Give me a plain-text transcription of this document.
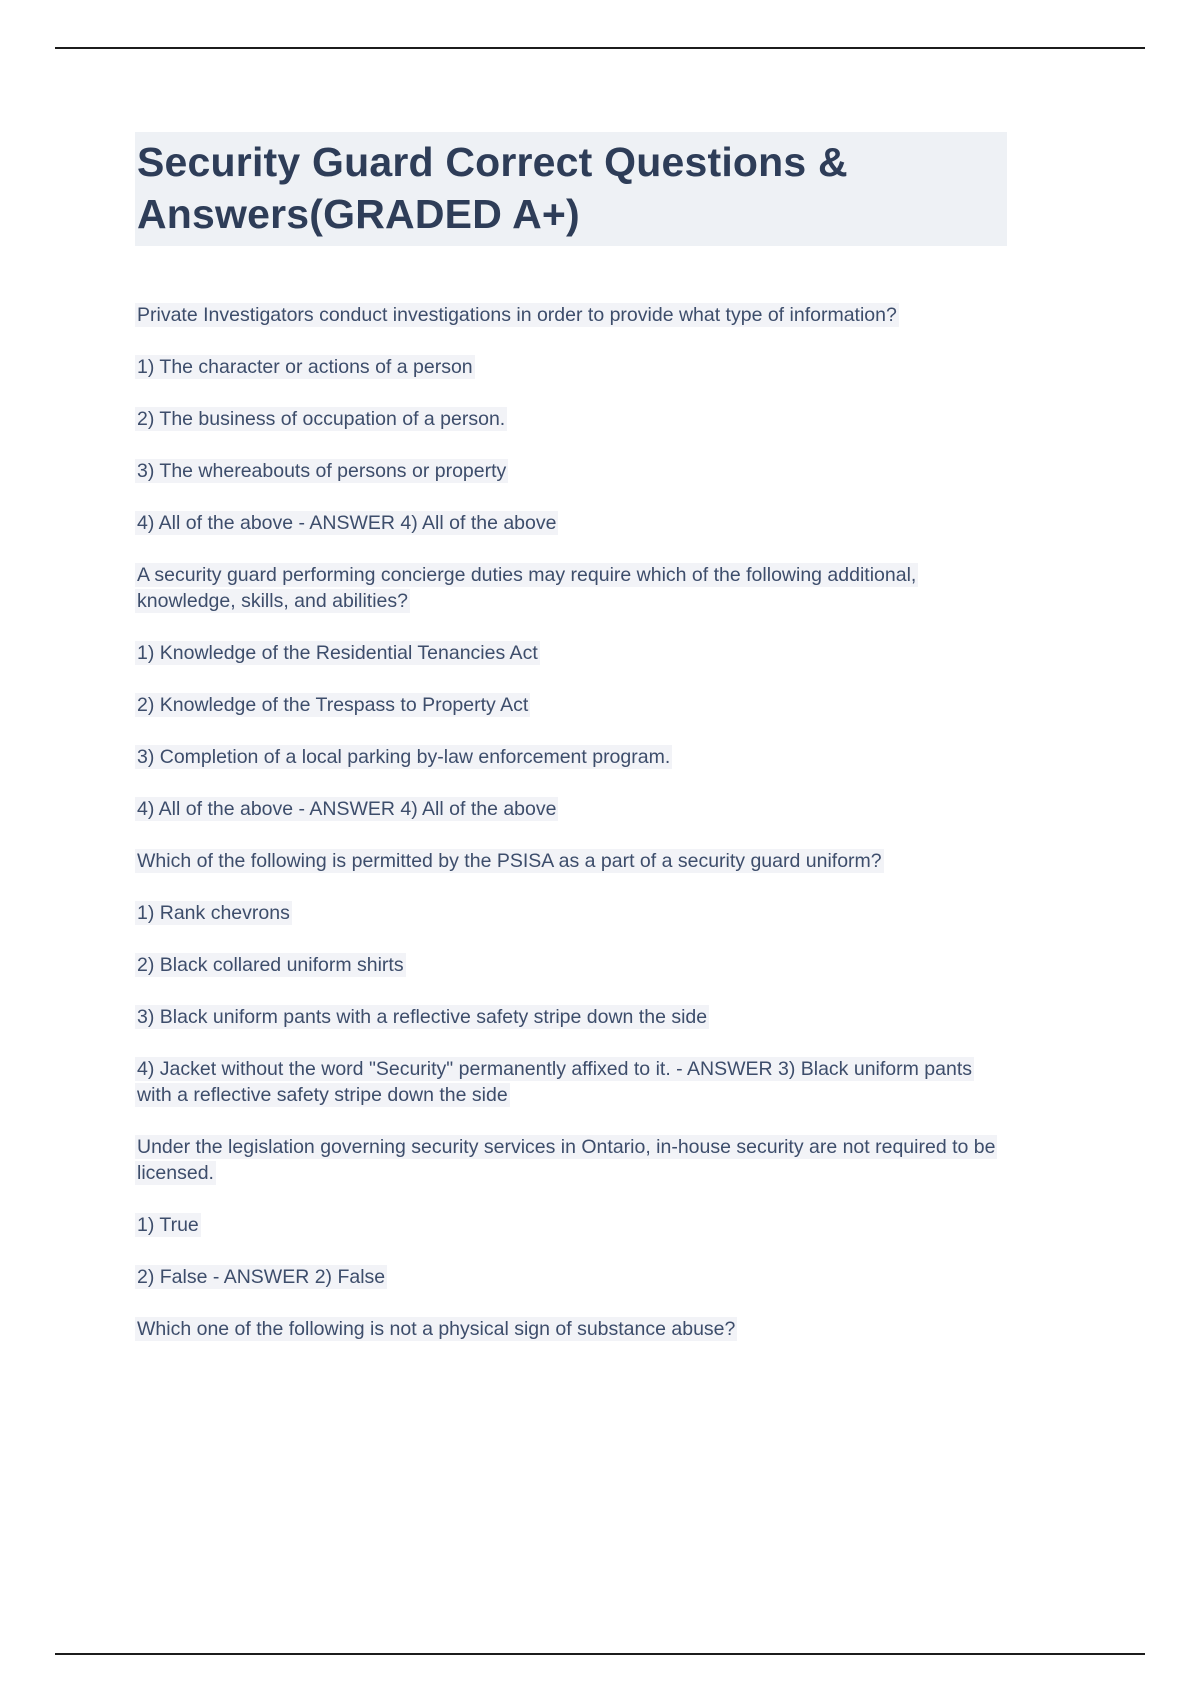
Security Guard Correct Questions & Answers(GRADED A+)

Private Investigators conduct investigations in order to provide what type of information?

1) The character or actions of a person

2) The business of occupation of a person.

3) The whereabouts of persons or property

4) All of the above - ANSWER 4) All of the above

A security guard performing concierge duties may require which of the following additional, knowledge, skills, and abilities?

1) Knowledge of the Residential Tenancies Act

2) Knowledge of the Trespass to Property Act

3) Completion of a local parking by-law enforcement program.

4) All of the above - ANSWER 4) All of the above

Which of the following is permitted by the PSISA as a part of a security guard uniform?

1) Rank chevrons

2) Black collared uniform shirts

3) Black uniform pants with a reflective safety stripe down the side

4) Jacket without the word "Security" permanently affixed to it. - ANSWER 3) Black uniform pants with a reflective safety stripe down the side

Under the legislation governing security services in Ontario, in-house security are not required to be licensed.

1) True

2) False - ANSWER 2) False

Which one of the following is not a physical sign of substance abuse?
